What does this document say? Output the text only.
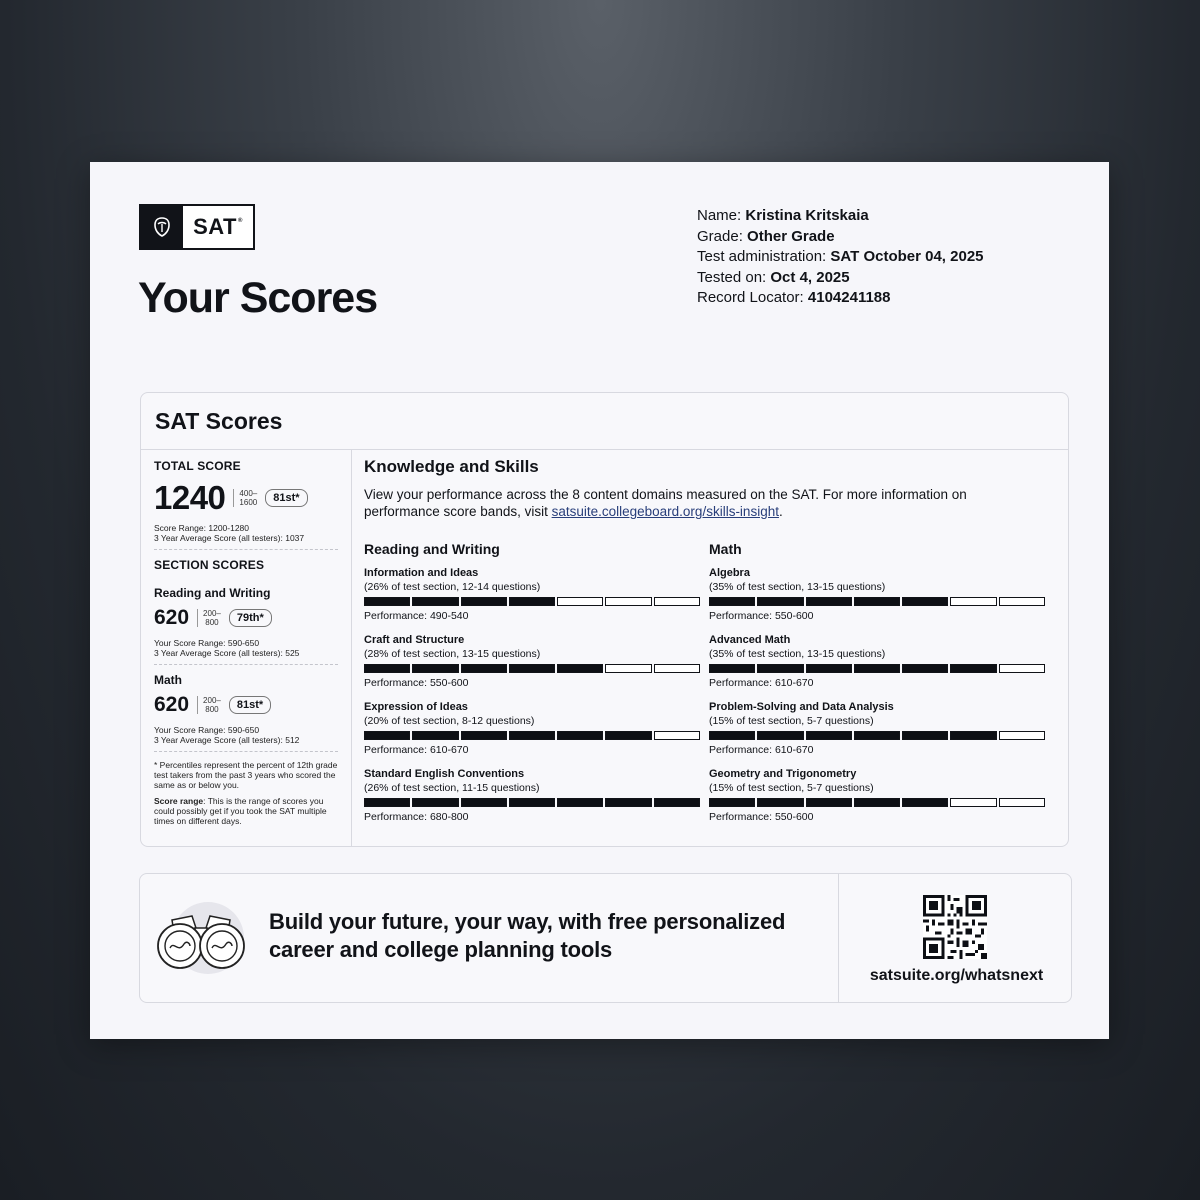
SAT®
Your Scores
Name: Kristina Kritskaia
Grade: Other Grade
Test administration: SAT October 04, 2025
Tested on: Oct 4, 2025
Record Locator: 4104241188
SAT Scores
TOTAL SCORE
1240	400–
1600	81st*
Score Range: 1200-1280
3 Year Average Score (all testers): 1037
SECTION SCORES
Reading and Writing
620	200–
800	79th*
Your Score Range: 590-650
3 Year Average Score (all testers): 525
Math
620	200–
800	81st*
Your Score Range: 590-650
3 Year Average Score (all testers): 512
* Percentiles represent the percent of 12th grade test takers from the past 3 years who scored the same as or below you.
Score range: This is the range of scores you could possibly get if you took the SAT multiple times on different days.
Knowledge and Skills
View your performance across the 8 content domains measured on the SAT. For more information on performance score bands, visit satsuite.collegeboard.org/skills-insight.
Reading and Writing
Information and Ideas
(26% of test section, 12-14 questions)
Performance: 490-540
Craft and Structure
(28% of test section, 13-15 questions)
Performance: 550-600
Expression of Ideas
(20% of test section, 8-12 questions)
Performance: 610-670
Standard English Conventions
(26% of test section, 11-15 questions)
Performance: 680-800
Math
Algebra
(35% of test section, 13-15 questions)
Performance: 550-600
Advanced Math
(35% of test section, 13-15 questions)
Performance: 610-670
Problem-Solving and Data Analysis
(15% of test section, 5-7 questions)
Performance: 610-670
Geometry and Trigonometry
(15% of test section, 5-7 questions)
Performance: 550-600
Build your future, your way, with free personalized
career and college planning tools
satsuite.org/whatsnext
